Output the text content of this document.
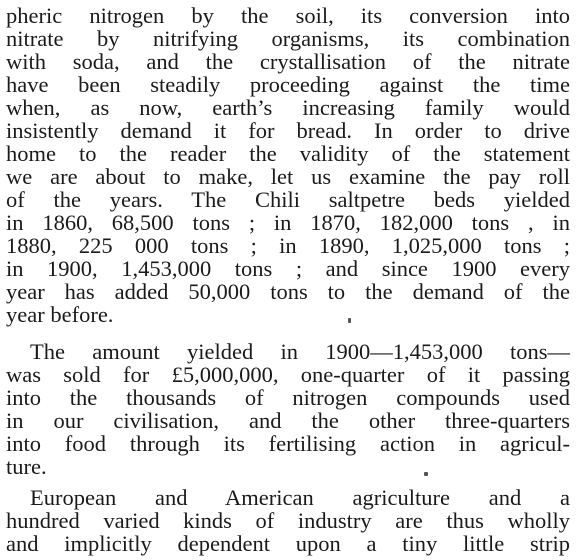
pheric nitrogen by the soil, its conversion into

nitrate by nitrifying organisms, its combination

with soda, and the crystallisation of the nitrate

have been steadily proceeding against the time

when, as now, earth’s increasing family would

insistently demand it for bread. In order to drive

home to the reader the validity of the statement

we are about to make, let us examine the pay roll

of the years. The Chili saltpetre beds yielded

in 1860, 68,500 tons ; in 1870, 182,000 tons , in

1880, 225 000 tons ; in 1890, 1,025,000 tons ;

in 1900, 1,453,000 tons ; and since 1900 every

year has added 50,000 tons to the demand of the

year before.

The amount yielded in 1900—1,453,000 tons—

was sold for £5,000,000, one-quarter of it passing

into the thousands of nitrogen compounds used

in our civilisation, and the other three-quarters

into food through its fertilising action in agricul-

ture.

European and American agriculture and a

hundred varied kinds of industry are thus wholly

and implicitly dependent upon a tiny little strip
